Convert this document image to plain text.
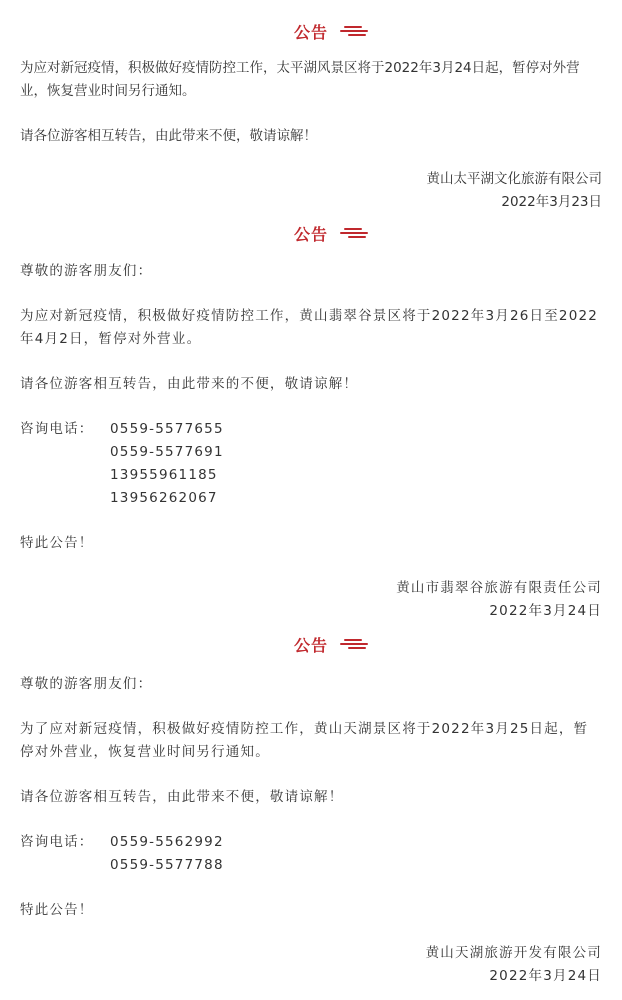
公告

为应对新冠疫情，积极做好疫情防控工作，太平湖风景区将于2022年3月24日起，暂停对外营业，恢复营业时间另行通知。

请各位游客相互转告，由此带来不便，敬请谅解！

黄山太平湖文化旅游有限公司
2022年3月23日
公告

尊敬的游客朋友们：

为应对新冠疫情，积极做好疫情防控工作，黄山翡翠谷景区将于2022年3月26日至2022年4月2日，暂停对外营业。

请各位游客相互转告，由此带来的不便，敬请谅解！

咨询电话：	0559-5577655
0559-5577691
13955961185
13956262067

特此公告！

黄山市翡翠谷旅游有限责任公司
2022年3月24日
公告

尊敬的游客朋友们：

为了应对新冠疫情，积极做好疫情防控工作，黄山天湖景区将于2022年3月25日起，暂停对外营业，恢复营业时间另行通知。

请各位游客相互转告，由此带来不便，敬请谅解！

咨询电话：	0559-5562992
0559-5577788

特此公告！

黄山天湖旅游开发有限公司
2022年3月24日
